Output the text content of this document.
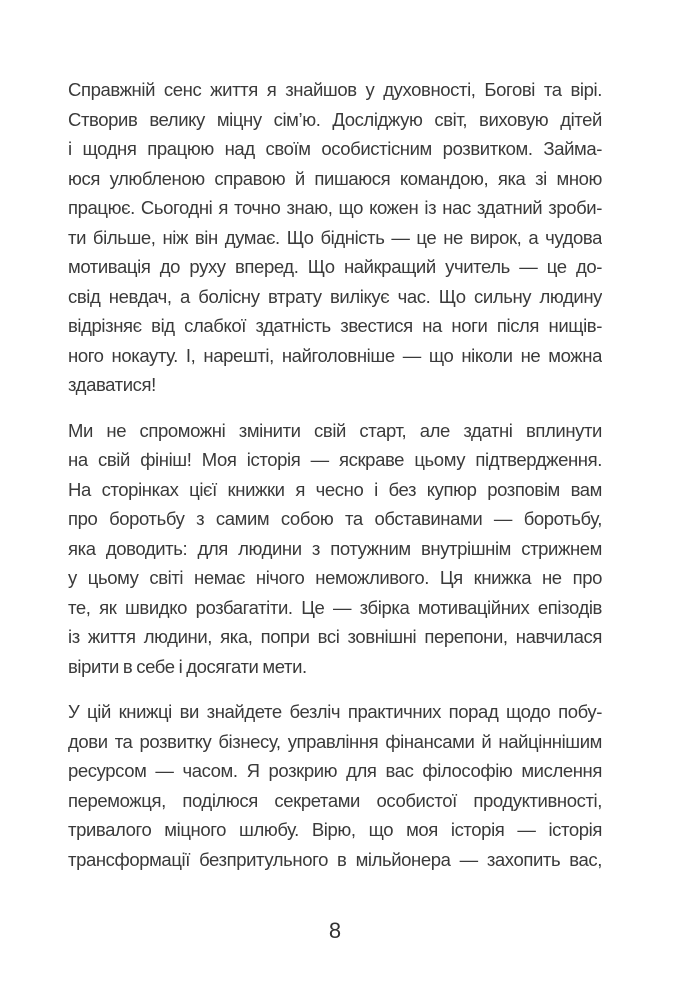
Справжній сенс життя я знайшов у духовності, Богові та вірі.
Створив велику міцну сім’ю. Досліджую світ, виховую дітей
і щодня працюю над своїм особистісним розвитком. Займа-
юся улюбленою справою й пишаюся командою, яка зі мною
працює. Сьогодні я точно знаю, що кожен із нас здатний зроби-
ти більше, ніж він думає. Що бідність — це не вирок, а чудова
мотивація до руху вперед. Що найкращий учитель — це до-
свід невдач, а болісну втрату вилікує час. Що сильну людину
відрізняє від слабкої здатність звестися на ноги після нищів-
ного нокауту. І, нарешті, найголовніше — що ніколи не можна
здаватися!

Ми не спроможні змінити свій старт, але здатні вплинути
на свій фініш! Моя історія — яскраве цьому підтвердження.
На сторінках цієї книжки я чесно і без купюр розповім вам
про боротьбу з самим собою та обставинами — боротьбу,
яка доводить: для людини з потужним внутрішнім стрижнем
у цьому світі немає нічого неможливого. Ця книжка не про
те, як швидко розбагатіти. Це — збірка мотиваційних епізодів
із життя людини, яка, попри всі зовнішні перепони, навчилася
вірити в себе і досягати мети.

У цій книжці ви знайдете безліч практичних порад щодо побу-
дови та розвитку бізнесу, управління фінансами й найціннішим
ресурсом — часом. Я розкрию для вас філософію мислення
переможця, поділюся секретами особистої продуктивності,
тривалого міцного шлюбу. Вірю, що моя історія — історія
трансформації безпритульного в мільйонера — захопить вас,

8
